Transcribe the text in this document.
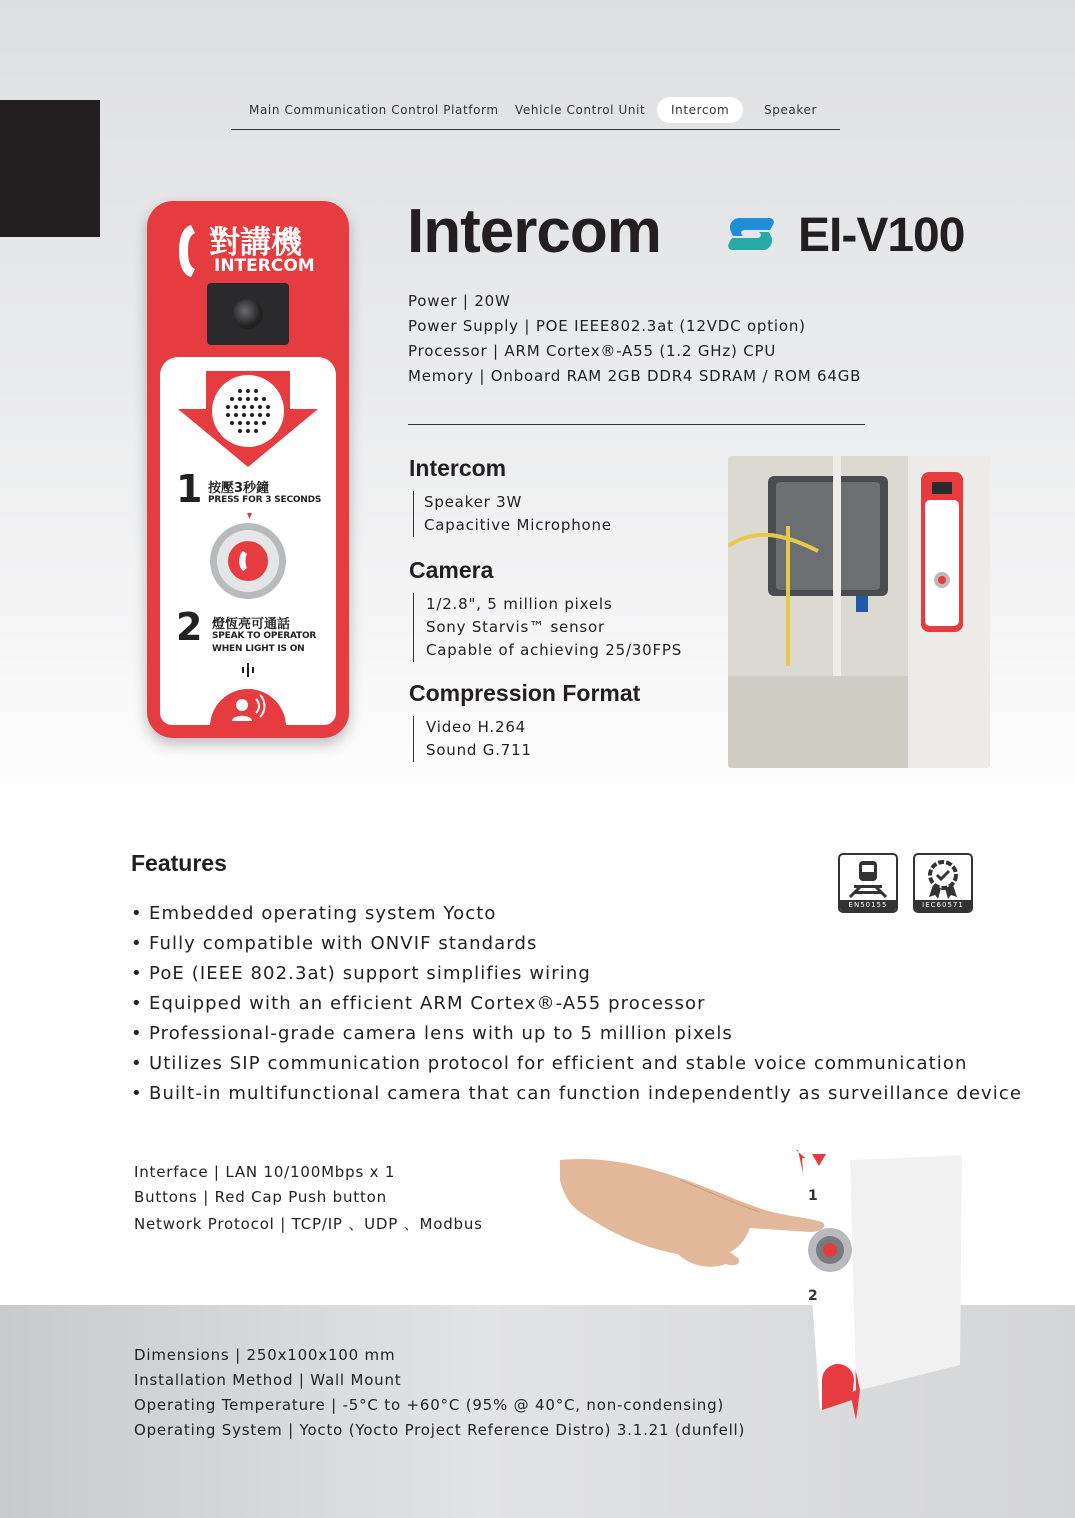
Main Communication Control Platform Vehicle Control Unit	Intercom	Speaker
對講機
INTERCOM
1 按壓3秒鐘
PRESS FOR 3 SECONDS
2 燈恆亮可通話
SPEAK TO OPERATOR
WHEN LIGHT IS ON
Intercom	EI-V100
Power | 20W
Power Supply | POE IEEE802.3at (12VDC option)
Processor | ARM Cortex®-A55 (1.2 GHz) CPU
Memory | Onboard RAM 2GB DDR4 SDRAM / ROM 64GB
Intercom
Speaker 3W
Capacitive Microphone
Camera
1/2.8", 5 million pixels
Sony Starvis™ sensor
Capable of achieving 25/30FPS
Compression Format
Video H.264
Sound G.711
Features
• Embedded operating system Yocto
• Fully compatible with ONVIF standards
• PoE (IEEE 802.3at) support simplifies wiring
• Equipped with an efficient ARM Cortex®-A55 processor
• Professional-grade camera lens with up to 5 million pixels
• Utilizes SIP communication protocol for efficient and stable voice communication
• Built-in multifunctional camera that can function independently as surveillance device
EN50155	IEC60571
Interface | LAN 10/100Mbps x 1
Buttons | Red Cap Push button
Network Protocol | TCP/IP 、UDP 、Modbus
1
2
Dimensions | 250x100x100 mm
Installation Method | Wall Mount
Operating Temperature | -5°C to +60°C (95% @ 40°C, non-condensing)
Operating System | Yocto (Yocto Project Reference Distro) 3.1.21 (dunfell)
